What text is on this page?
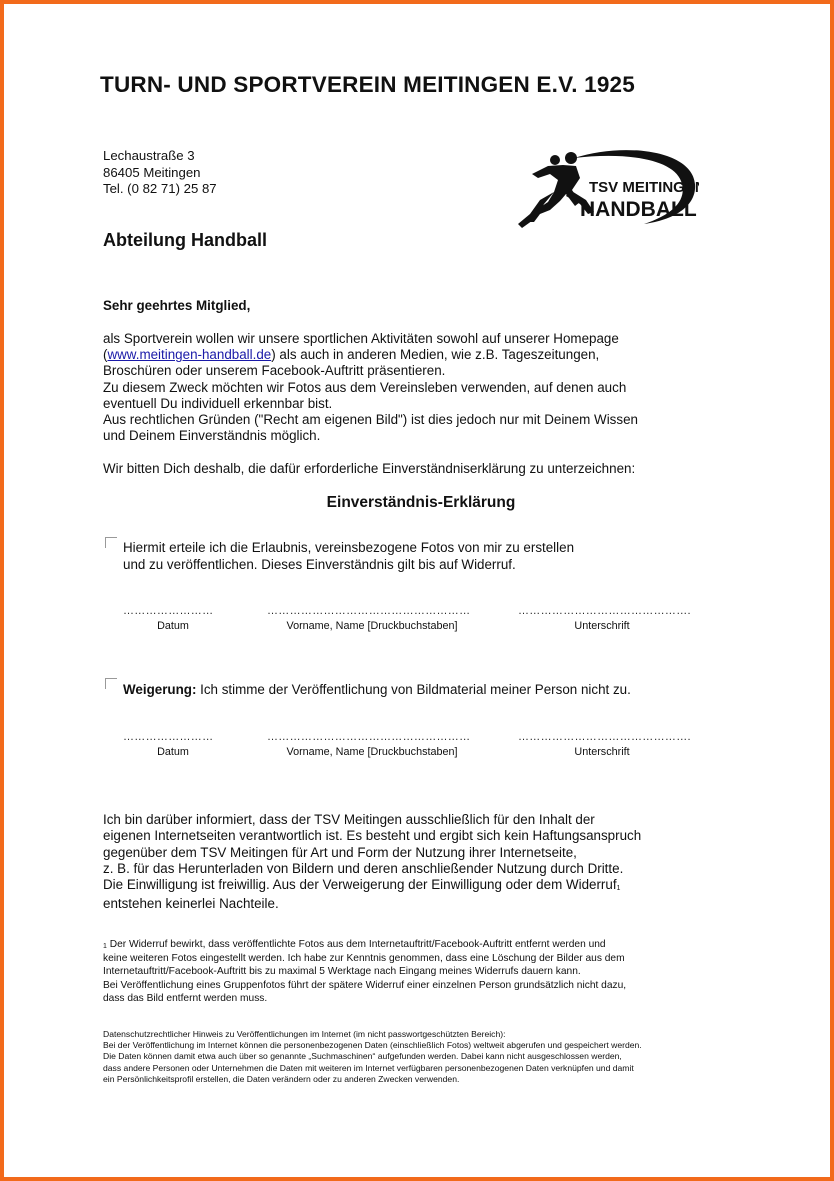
TURN- UND SPORTVEREIN MEITINGEN E.V. 1925
Lechaustraße 3
86405 Meitingen
Tel. (0 82 71) 25 87	TSV MEITINGEN
HANDBALL
Abteilung Handball
Sehr geehrtes Mitglied,
als Sportverein wollen wir unsere sportlichen Aktivitäten sowohl auf unserer Homepage
(www.meitingen-handball.de) als auch in anderen Medien, wie z.B. Tageszeitungen,
Broschüren oder unserem Facebook-Auftritt präsentieren.
Zu diesem Zweck möchten wir Fotos aus dem Vereinsleben verwenden, auf denen auch
eventuell Du individuell erkennbar bist.
Aus rechtlichen Gründen ("Recht am eigenen Bild") ist dies jedoch nur mit Deinem Wissen
und Deinem Einverständnis möglich.
Wir bitten Dich deshalb, die dafür erforderliche Einverständniserklärung zu unterzeichnen:
Einverständnis-Erklärung
Hiermit erteile ich die Erlaubnis, vereinsbezogene Fotos von mir zu erstellen
und zu veröffentlichen. Dieses Einverständnis gilt bis auf Widerruf.
……………………	………………………………………………	……………………………………….
Datum	Vorname, Name [Druckbuchstaben]	Unterschrift
Weigerung: Ich stimme der Veröffentlichung von Bildmaterial meiner Person nicht zu.
……………………	………………………………………………	……………………………………….
Datum	Vorname, Name [Druckbuchstaben]	Unterschrift
Ich bin darüber informiert, dass der TSV Meitingen ausschließlich für den Inhalt der
eigenen Internetseiten verantwortlich ist. Es besteht und ergibt sich kein Haftungsanspruch
gegenüber dem TSV Meitingen für Art und Form der Nutzung ihrer Internetseite,
z. B. für das Herunterladen von Bildern und deren anschließender Nutzung durch Dritte.
Die Einwilligung ist freiwillig. Aus der Verweigerung der Einwilligung oder dem Widerruf$^1$
entstehen keinerlei Nachteile.
$^1$ Der Widerruf bewirkt, dass veröffentlichte Fotos aus dem Internetauftritt/Facebook-Auftritt entfernt werden und
keine weiteren Fotos eingestellt werden. Ich habe zur Kenntnis genommen, dass eine Löschung der Bilder aus dem
Internetauftritt/Facebook-Auftritt bis zu maximal 5 Werktage nach Eingang meines Widerrufs dauern kann.
Bei Veröffentlichung eines Gruppenfotos führt der spätere Widerruf einer einzelnen Person grundsätzlich nicht dazu,
dass das Bild entfernt werden muss.
Datenschutzrechtlicher Hinweis zu Veröffentlichungen im Internet (im nicht passwortgeschützten Bereich):
Bei der Veröffentlichung im Internet können die personenbezogenen Daten (einschließlich Fotos) weltweit abgerufen und gespeichert werden.
Die Daten können damit etwa auch über so genannte „Suchmaschinen“ aufgefunden werden. Dabei kann nicht ausgeschlossen werden,
dass andere Personen oder Unternehmen die Daten mit weiteren im Internet verfügbaren personenbezogenen Daten verknüpfen und damit
ein Persönlichkeitsprofil erstellen, die Daten verändern oder zu anderen Zwecken verwenden.
